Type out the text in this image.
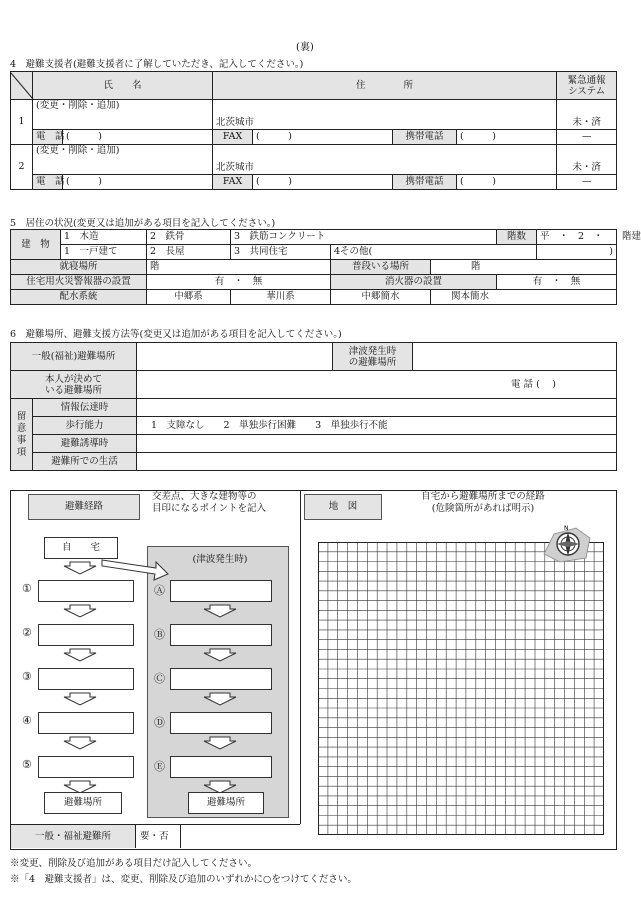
(裏)
4　避難支援者(避難支援者に了解していただき、記入してください。)
	氏　　名		住　　　　所				緊急通報
システム
1	(変更・削除・追加)		北茨城市				未・済
	電　話	(　　　)	FAX	(　　　)	携帯電話	(　　　)	—
2	(変更・削除・追加)		北茨城市				未・済
	電　話	(　　　)	FAX	(　　　)	携帯電話	(　　　)	—
5　居住の状況(変更又は追加がある項目を記入してください。)
建　物	1　木造	2　鉄骨	3　鉄筋コンクリート			階数	平　・　2　・　　階建
	1　一戸建て	2　長屋	3　共同住宅	4その他(			)
就寝場所		階		普段いる場所	階		
住宅用火災警報器の設置		有　・　無		消火器の設置		有　・　無	
配水系統		中郷系	華川系	中郷簡水	関本簡水		
6　避難場所、避難支援方法等(変更又は追加がある項目を記入してください。)
一般(福祉)避難場所			津波発生時
の避難場所	
本人が決めて
いる避難場所		電 話 (　 )		
留意事項	情報伝達時			
	歩行能力	1　支障なし　　2　単独歩行困難　　3　単独歩行不能		
	避難誘導時			
	避難所での生活			
避難経路
交差点、大きな建物等の
目印になるポイントを記入	地　図
自宅から避難場所までの経路
(危険箇所があれば明示)
自　　宅
(津波発生時)
①
②
③
④
⑤
Ⓐ
Ⓑ
Ⓒ
Ⓓ
Ⓔ
避難場所	避難場所
一般・福祉避難所	要・否
N
※変更、削除及び追加がある項目だけ記入してください。
※「4　避難支援者」は、変更、削除及び追加のいずれかに○をつけてください。
